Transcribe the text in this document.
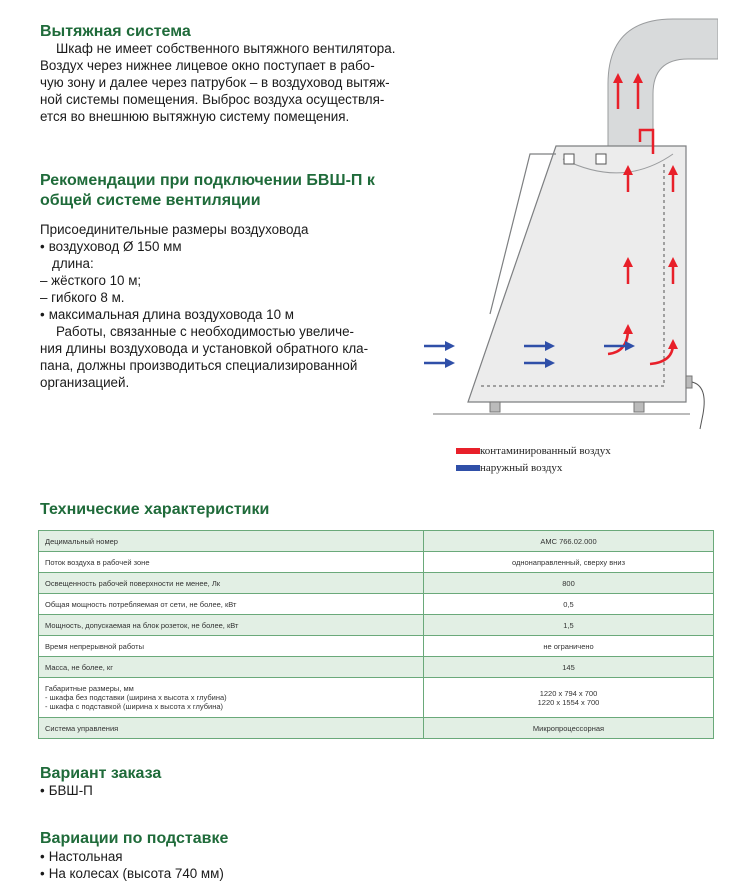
Вытяжная система

Шкаф не имеет собственного вытяжного вентилятора.

Воздух через нижнее лицевое окно поступает в рабо-

чую зону и далее через патрубок – в воздуховод вытяж-

ной системы помещения. Выброс воздуха осуществля-

ется во внешнюю вытяжную систему помещения.

Рекомендации при подключении БВШ-П к
общей системе вентиляции

Присоединительные размеры воздуховода

• воздуховод Ø 150 мм

длина:

– жёсткого 10 м;

– гибкого 8 м.

• максимальная длина воздуховода 10 м

Работы, связанные с необходимостью увеличе-

ния длины воздуховода и установкой обратного кла-

пана, должны производиться специализированной

организацией.

контаминированный воздух
наружный воздух
Технические характеристики
Децимальный номер	АМС 766.02.000
Поток воздуха в рабочей зоне	однонаправленный, сверху вниз
Освещенность рабочей поверхности не менее, Лк	800
Общая мощность потребляемая от сети, не более, кВт	0,5
Мощность, допускаемая на блок розеток, не более, кВт	1,5
Время непрерывной работы	не ограничено
Масса, не более, кг	145
Габаритные размеры, мм
- шкафа без подставки (ширина х высота х глубина)
- шкафа с подставкой (ширина х высота х глубина)	1220 х 794 х 700
1220 х 1554 х 700
Система управления	Микропроцессорная
Вариант заказа

• БВШ-П

Вариации по подставке

• Настольная

• На колесах (высота 740 мм)
